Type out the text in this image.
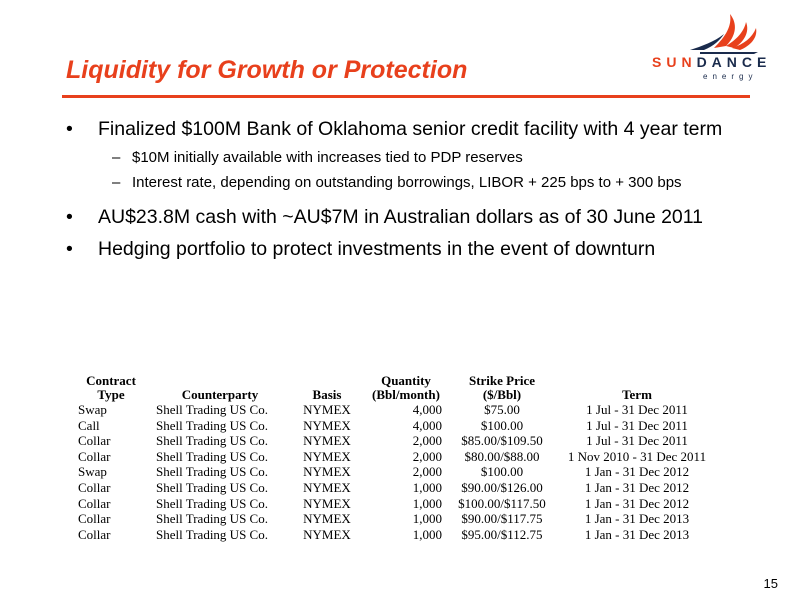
Liquidity for Growth or Protection	SUNDANCE
energy
• Finalized $100M Bank of Oklahoma senior credit facility with 4 year term
– $10M initially available with increases tied to PDP reserves
– Interest rate, depending on outstanding borrowings, LIBOR + 225 bps to + 300 bps
• AU$23.8M cash with ~AU$7M in Australian dollars as of 30 June 2011
• Hedging portfolio to protect investments in the event of downturn
Contract Type	Counterparty	Basis	Quantity (Bbl/month)	Strike Price ($/Bbl)	Term
Swap	Shell Trading US Co.	NYMEX	4,000	$75.00	1 Jul - 31 Dec 2011
Call	Shell Trading US Co.	NYMEX	4,000	$100.00	1 Jul - 31 Dec 2011
Collar	Shell Trading US Co.	NYMEX	2,000	$85.00/$109.50	1 Jul - 31 Dec 2011
Collar	Shell Trading US Co.	NYMEX	2,000	$80.00/$88.00	1 Nov 2010 - 31 Dec 2011
Swap	Shell Trading US Co.	NYMEX	2,000	$100.00	1 Jan - 31 Dec 2012
Collar	Shell Trading US Co.	NYMEX	1,000	$90.00/$126.00	1 Jan - 31 Dec 2012
Collar	Shell Trading US Co.	NYMEX	1,000	$100.00/$117.50	1 Jan - 31 Dec 2012
Collar	Shell Trading US Co.	NYMEX	1,000	$90.00/$117.75	1 Jan - 31 Dec 2013
Collar	Shell Trading US Co.	NYMEX	1,000	$95.00/$112.75	1 Jan - 31 Dec 2013
15
